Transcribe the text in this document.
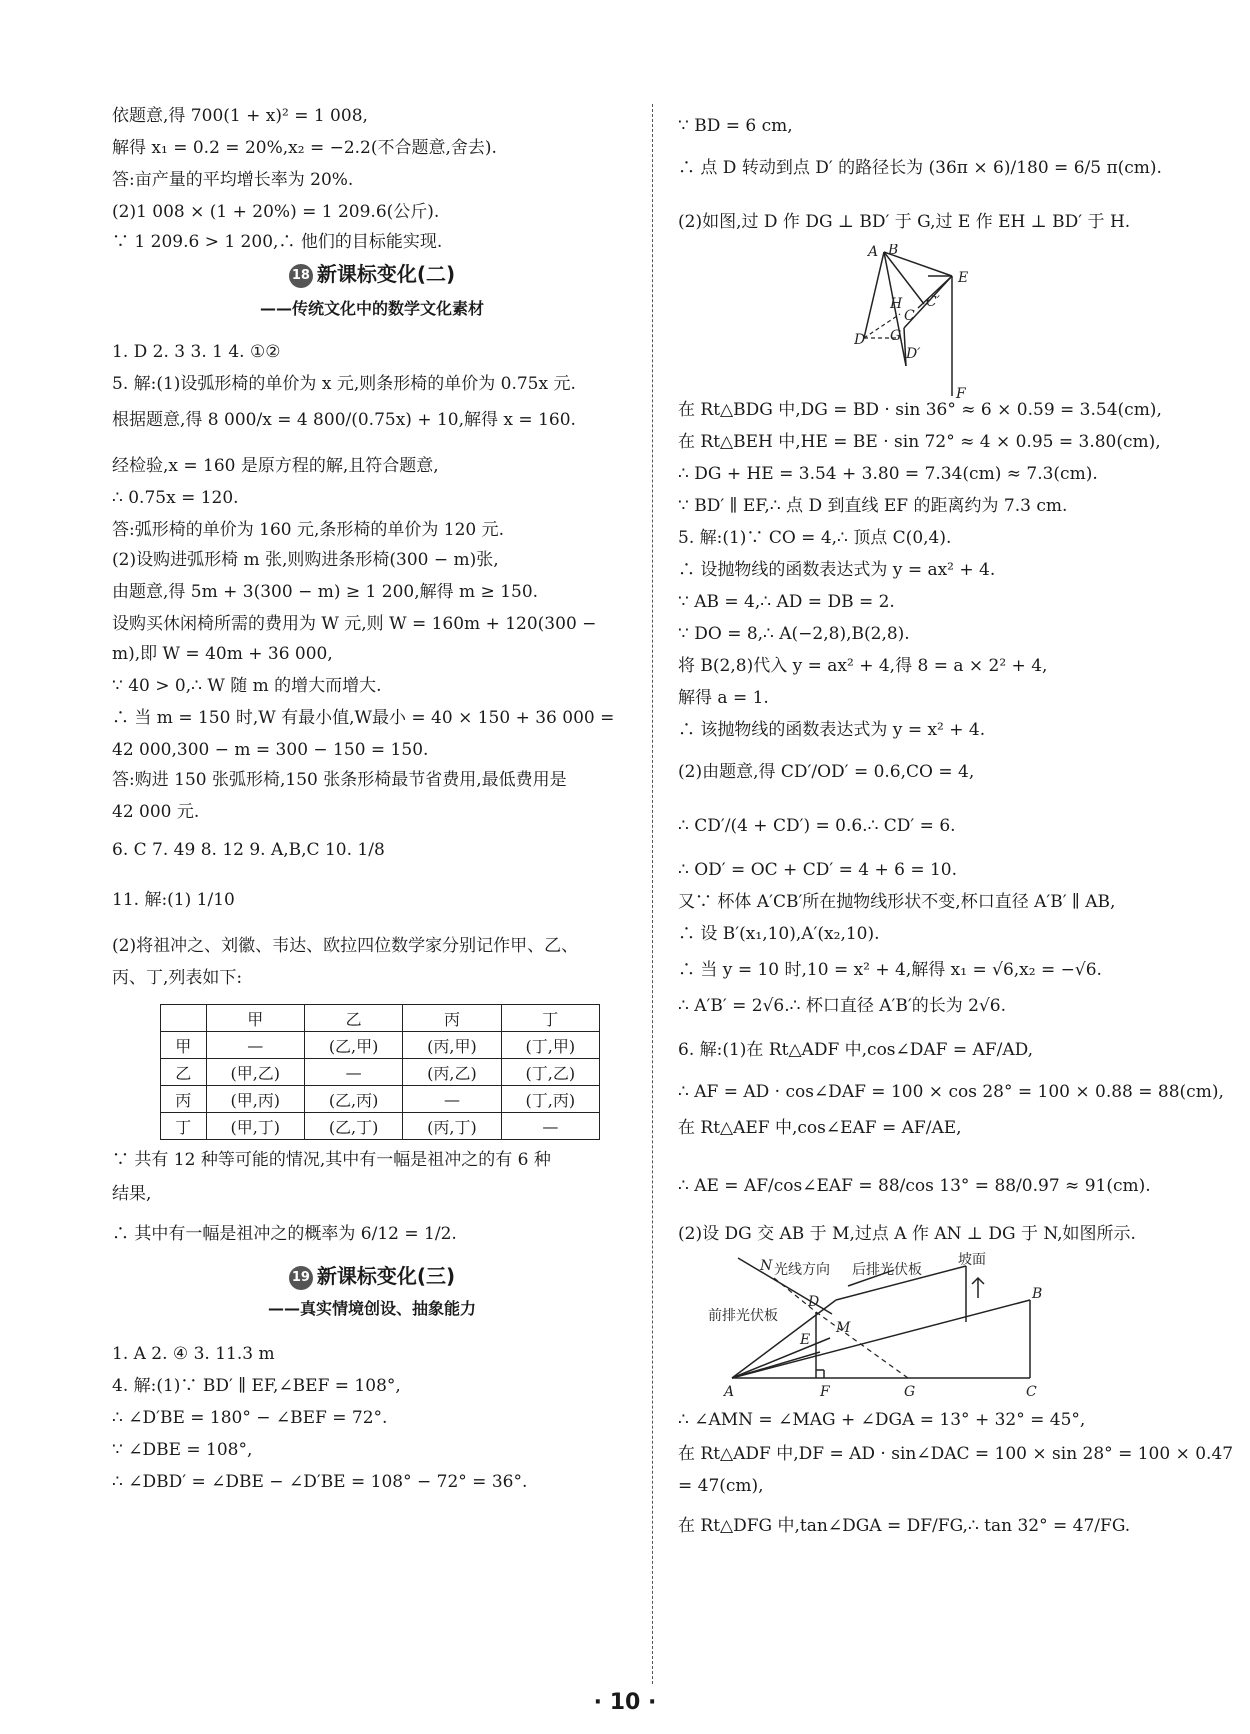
依题意,得 700(1 + x)² = 1 008,
解得 x₁ = 0.2 = 20%,x₂ = −2.2(不合题意,舍去).
答:亩产量的平均增长率为 20%.
(2)1 008 × (1 + 20%) = 1 209.6(公斤).
∵ 1 209.6 > 1 200,∴ 他们的目标能实现.
18 新课标变化(二)
——传统文化中的数学文化素材
1. D 2. 3 3. 1 4. ①②
5. 解:(1)设弧形椅的单价为 x 元,则条形椅的单价为 0.75x 元.
根据题意,得 8 000/x = 4 800/(0.75x) + 10,解得 x = 160.
经检验,x = 160 是原方程的解,且符合题意,
∴ 0.75x = 120.
答:弧形椅的单价为 160 元,条形椅的单价为 120 元.
(2)设购进弧形椅 m 张,则购进条形椅(300 − m)张,
由题意,得 5m + 3(300 − m) ≥ 1 200,解得 m ≥ 150.
设购买休闲椅所需的费用为 W 元,则 W = 160m + 120(300 −
m),即 W = 40m + 36 000,
∵ 40 > 0,∴ W 随 m 的增大而增大.
∴ 当 m = 150 时,W 有最小值,W最小 = 40 × 150 + 36 000 =
42 000,300 − m = 300 − 150 = 150.
答:购进 150 张弧形椅,150 张条形椅最节省费用,最低费用是
42 000 元.
6. C 7. 49 8. 12 9. A,B,C 10. 1/8
11. 解:(1) 1/10
(2)将祖冲之、刘徽、韦达、欧拉四位数学家分别记作甲、乙、
丙、丁,列表如下:
	甲	乙	丙	丁
甲	—	(乙,甲)	(丙,甲)	(丁,甲)
乙	(甲,乙)	—	(丙,乙)	(丁,乙)
丙	(甲,丙)	(乙,丙)	—	(丁,丙)
丁	(甲,丁)	(乙,丁)	(丙,丁)	—
∵ 共有 12 种等可能的情况,其中有一幅是祖冲之的有 6 种
结果,
∴ 其中有一幅是祖冲之的概率为 6/12 = 1/2.
19 新课标变化(三)
——真实情境创设、抽象能力
1. A 2. ④ 3. 11.3 m
4. 解:(1)∵ BD′ ∥ EF,∠BEF = 108°,
∴ ∠D′BE = 180° − ∠BEF = 72°.
∵ ∠DBE = 108°,
∴ ∠DBD′ = ∠DBE − ∠D′BE = 108° − 72° = 36°.
∵ BD = 6 cm,
∴ 点 D 转动到点 D′ 的路径长为 (36π × 6)/180 = 6/5 π(cm).
(2)如图,过 D 作 DG ⊥ BD′ 于 G,过 E 作 EH ⊥ BD′ 于 H.
A B
E
H
C
C′
D G
D′
F
在 Rt△BDG 中,DG = BD · sin 36° ≈ 6 × 0.59 = 3.54(cm),
在 Rt△BEH 中,HE = BE · sin 72° ≈ 4 × 0.95 = 3.80(cm),
∴ DG + HE = 3.54 + 3.80 = 7.34(cm) ≈ 7.3(cm).
∵ BD′ ∥ EF,∴ 点 D 到直线 EF 的距离约为 7.3 cm.
5. 解:(1)∵ CO = 4,∴ 顶点 C(0,4).
∴ 设抛物线的函数表达式为 y = ax² + 4.
∵ AB = 4,∴ AD = DB = 2.
∵ DO = 8,∴ A(−2,8),B(2,8).
将 B(2,8)代入 y = ax² + 4,得 8 = a × 2² + 4,
解得 a = 1.
∴ 该抛物线的函数表达式为 y = x² + 4.
(2)由题意,得 CD′/OD′ = 0.6,CO = 4,
∴ CD′/(4 + CD′) = 0.6.∴ CD′ = 6.
∴ OD′ = OC + CD′ = 4 + 6 = 10.
又∵ 杯体 A′CB′所在抛物线形状不变,杯口直径 A′B′ ∥ AB,
∴ 设 B′(x₁,10),A′(x₂,10).
∴ 当 y = 10 时,10 = x² + 4,解得 x₁ = √6,x₂ = −√6.
∴ A′B′ = 2√6.∴ 杯口直径 A′B′的长为 2√6.
6. 解:(1)在 Rt△ADF 中,cos∠DAF = AF/AD,
∴ AF = AD · cos∠DAF = 100 × cos 28° = 100 × 0.88 = 88(cm),
在 Rt△AEF 中,cos∠EAF = AF/AE,
∴ AE = AF/cos∠EAF = 88/cos 13° = 88/0.97 ≈ 91(cm).
(2)设 DG 交 AB 于 M,过点 A 作 AN ⊥ DG 于 N,如图所示.
N 光线方向 后排光伏板
坡面
B
D
M
前排光伏板
E
A	F	G	C
∴ ∠AMN = ∠MAG + ∠DGA = 13° + 32° = 45°,
在 Rt△ADF 中,DF = AD · sin∠DAC = 100 × sin 28° = 100 × 0.47
= 47(cm),
在 Rt△DFG 中,tan∠DGA = DF/FG,∴ tan 32° = 47/FG.
· 10 ·
